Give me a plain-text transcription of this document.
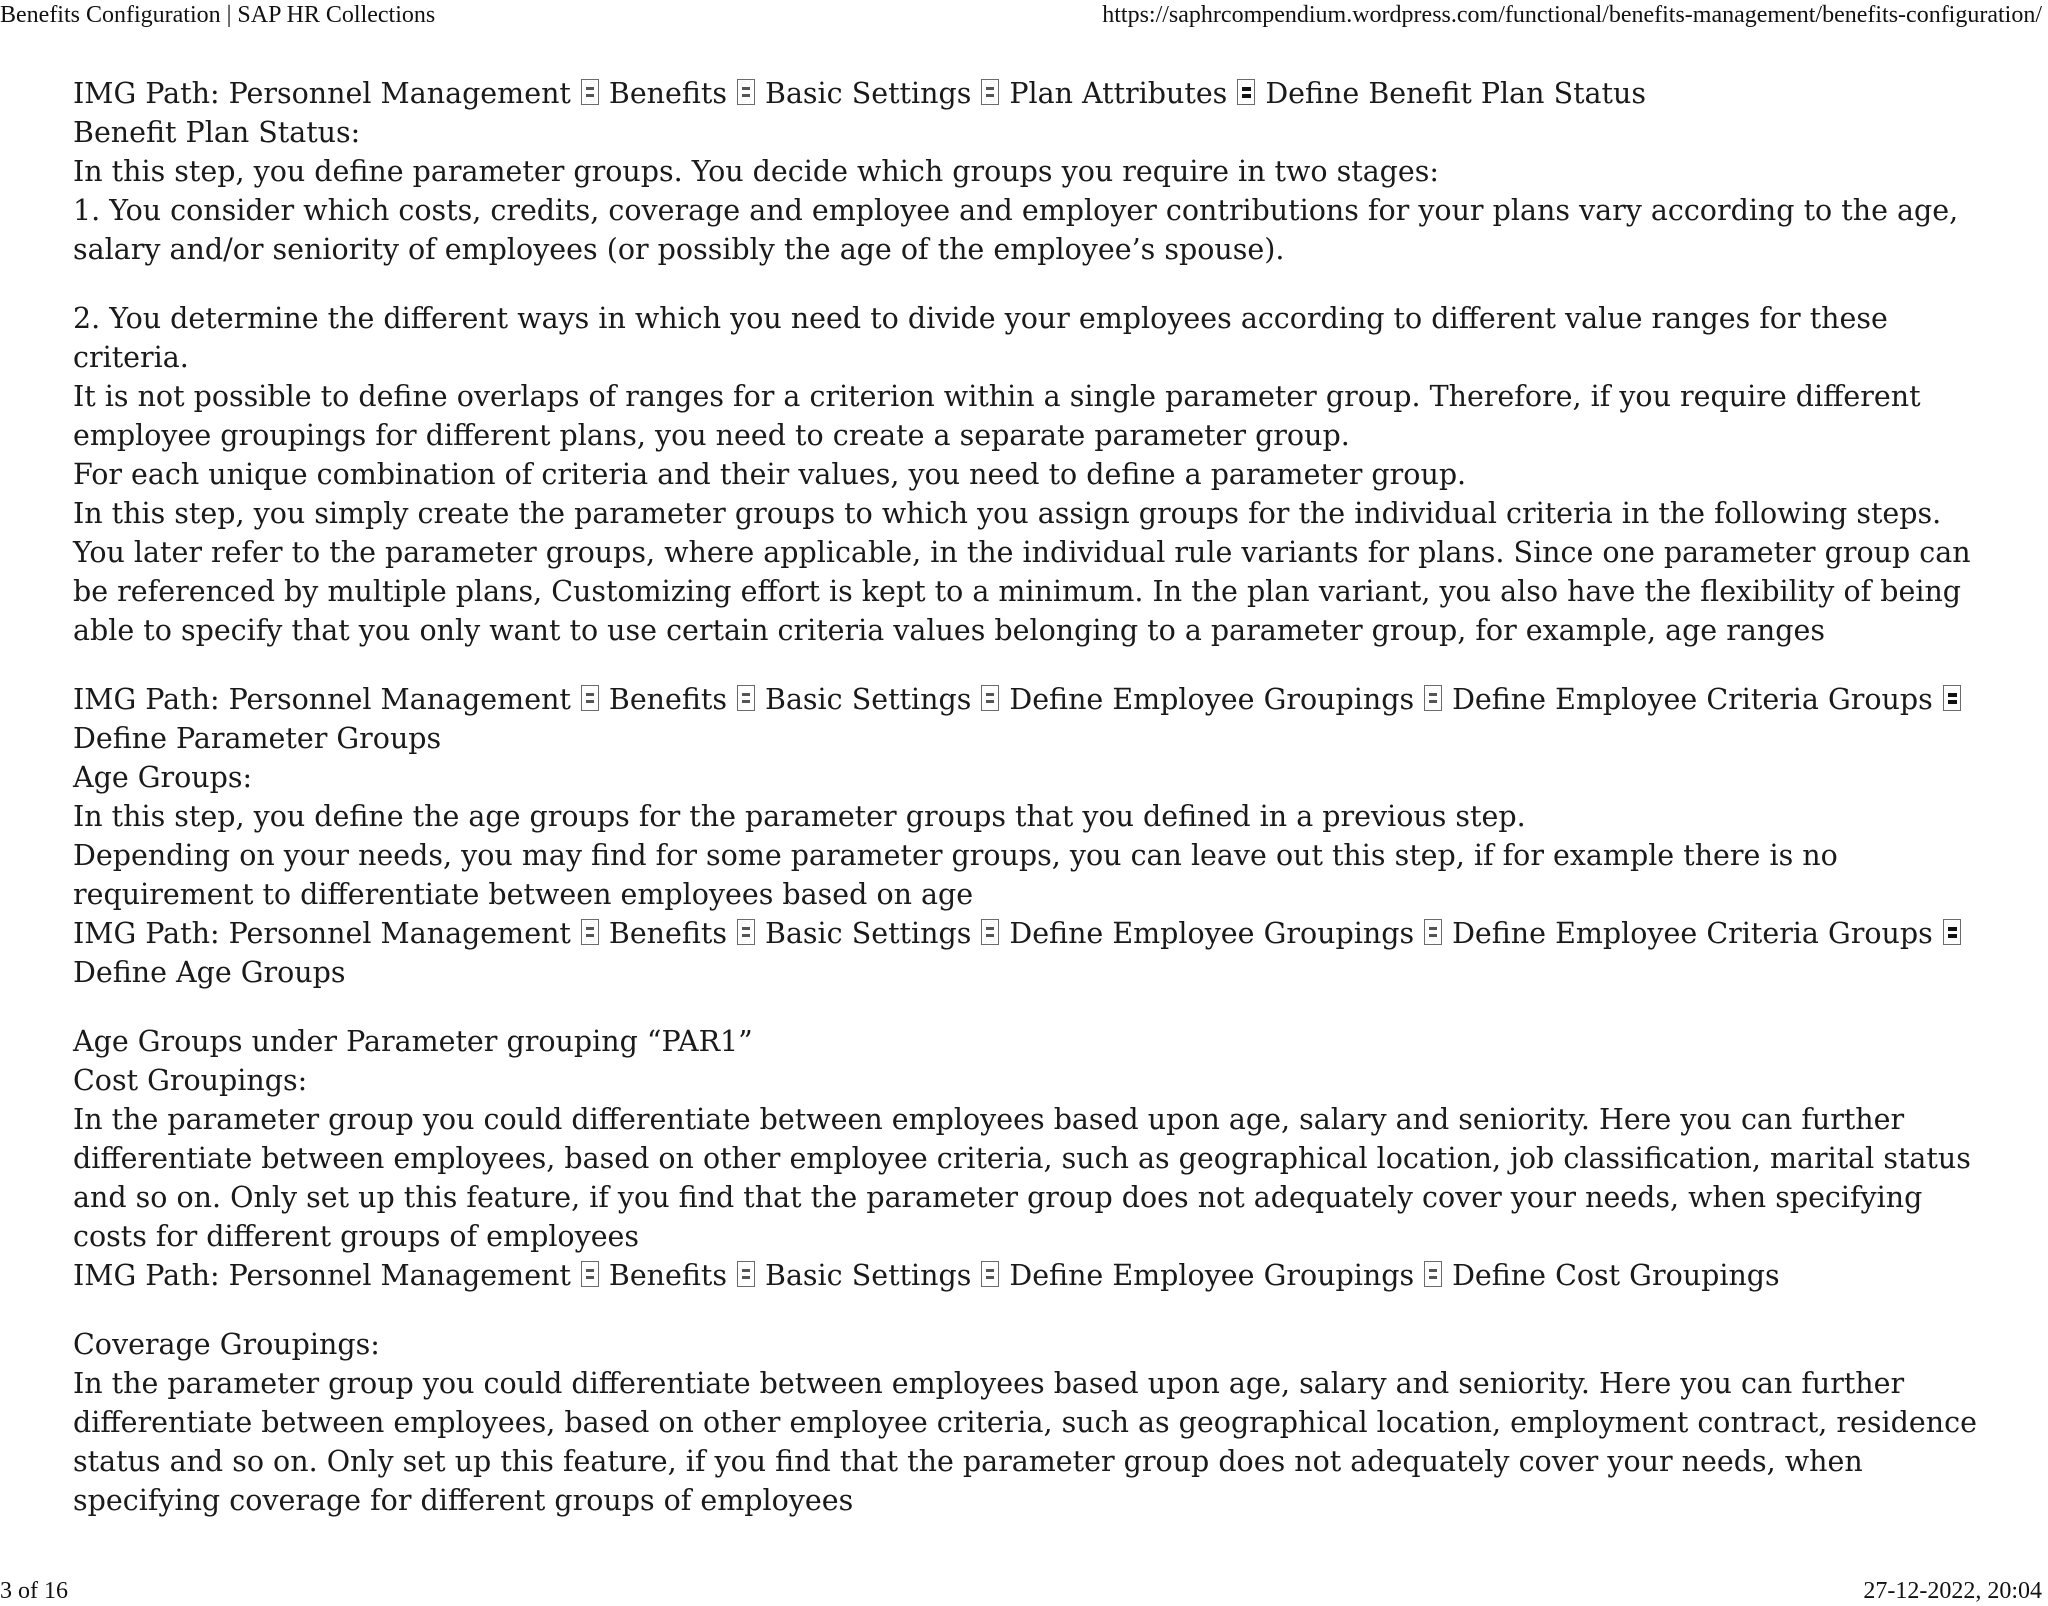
Benefits Configuration | SAP HR Collections	https://saphrcompendium.wordpress.com/functional/benefits-management/benefits-configuration/

IMG Path: Personnel Management Benefits Basic Settings Plan Attributes Define Benefit Plan Status

Benefit Plan Status:

In this step, you define parameter groups. You decide which groups you require in two stages:

1. You consider which costs, credits, coverage and employee and employer contributions for your plans vary according to the age, salary and/or seniority of employees (or possibly the age of the employee’s spouse).

2. You determine the different ways in which you need to divide your employees according to different value ranges for these criteria.

It is not possible to define overlaps of ranges for a criterion within a single parameter group. Therefore, if you require different employee groupings for different plans, you need to create a separate parameter group.

For each unique combination of criteria and their values, you need to define a parameter group.

In this step, you simply create the parameter groups to which you assign groups for the individual criteria in the following steps. You later refer to the parameter groups, where applicable, in the individual rule variants for plans. Since one parameter group can be referenced by multiple plans, Customizing effort is kept to a minimum. In the plan variant, you also have the flexibility of being able to specify that you only want to use certain criteria values belonging to a parameter group, for example, age ranges

IMG Path: Personnel Management Benefits Basic Settings Define Employee Groupings Define Employee Criteria Groups
Define Parameter Groups

Age Groups:

In this step, you define the age groups for the parameter groups that you defined in a previous step.

Depending on your needs, you may find for some parameter groups, you can leave out this step, if for example there is no requirement to differentiate between employees based on age

IMG Path: Personnel Management Benefits Basic Settings Define Employee Groupings Define Employee Criteria Groups
Define Age Groups

Age Groups under Parameter grouping “PAR1”

Cost Groupings:

In the parameter group you could differentiate between employees based upon age, salary and seniority. Here you can further differentiate between employees, based on other employee criteria, such as geographical location, job classification, marital status and so on. Only set up this feature, if you find that the parameter group does not adequately cover your needs, when specifying costs for different groups of employees

IMG Path: Personnel Management Benefits Basic Settings Define Employee Groupings Define Cost Groupings

Coverage Groupings:

In the parameter group you could differentiate between employees based upon age, salary and seniority. Here you can further differentiate between employees, based on other employee criteria, such as geographical location, employment contract, residence status and so on. Only set up this feature, if you find that the parameter group does not adequately cover your needs, when specifying coverage for different groups of employees

3 of 16	27-12-2022, 20:04
